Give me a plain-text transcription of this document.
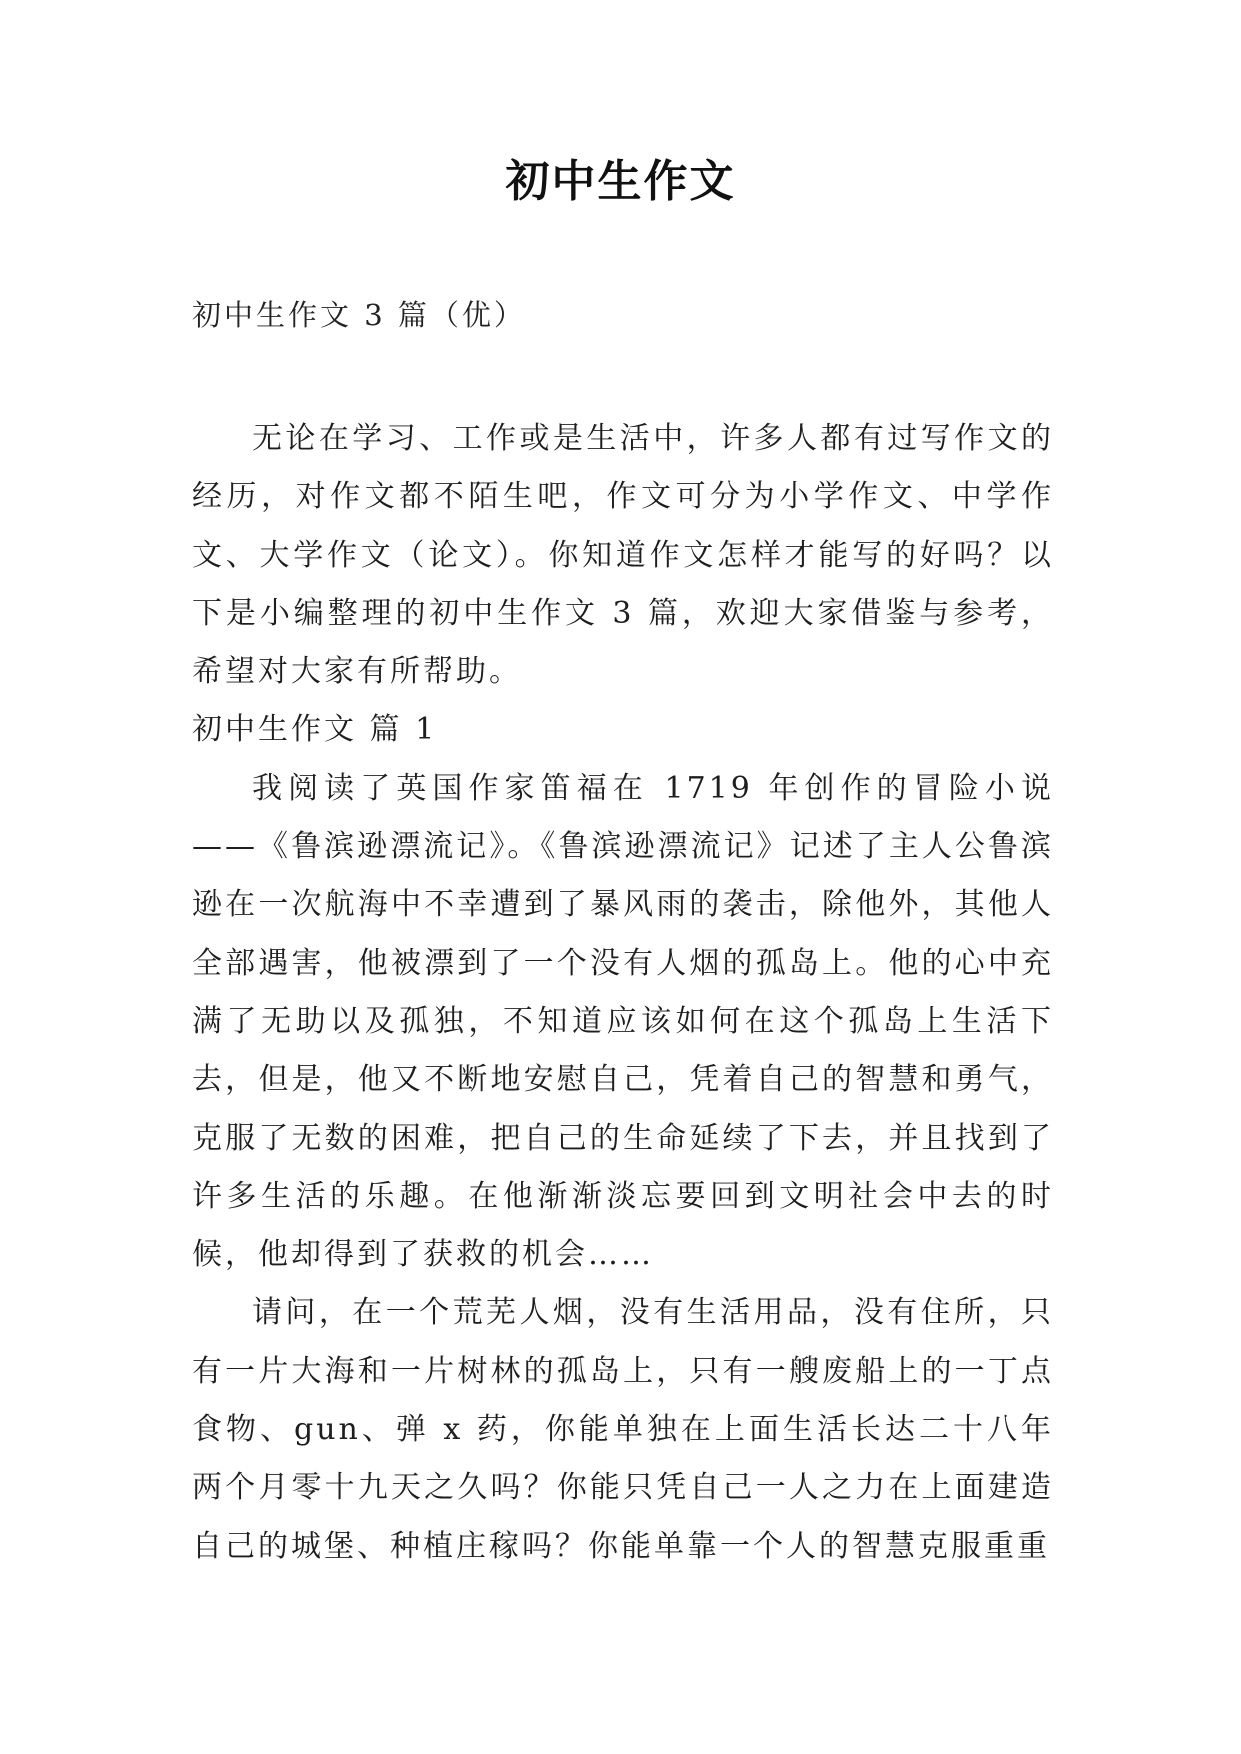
初中生作文
初中生作文 3 篇（优）

无论在学习、工作或是生活中，许多人都有过写作文的经历，对作文都不陌生吧，作文可分为小学作文、中学作文、大学作文（论文）。你知道作文怎样才能写的好吗？以下是小编整理的初中生作文 3 篇，欢迎大家借鉴与参考，希望对大家有所帮助。

初中生作文 篇 1

我阅读了英国作家笛福在 1719 年创作的冒险小说——《鲁滨逊漂流记》。《鲁滨逊漂流记》记述了主人公鲁滨逊在一次航海中不幸遭到了暴风雨的袭击，除他外，其他人全部遇害，他被漂到了一个没有人烟的孤岛上。他的心中充满了无助以及孤独，不知道应该如何在这个孤岛上生活下去，但是，他又不断地安慰自己，凭着自己的智慧和勇气，克服了无数的困难，把自己的生命延续了下去，并且找到了许多生活的乐趣。在他渐渐淡忘要回到文明社会中去的时候，他却得到了获救的机会……

请问，在一个荒芜人烟，没有生活用品，没有住所，只有一片大海和一片树林的孤岛上，只有一艘废船上的一丁点食物、gun、弹 x 药，你能单独在上面生活长达二十八年两个月零十九天之久吗？你能只凭自己一人之力在上面建造自己的城堡、种植庄稼吗？你能单靠一个人的智慧克服重重
